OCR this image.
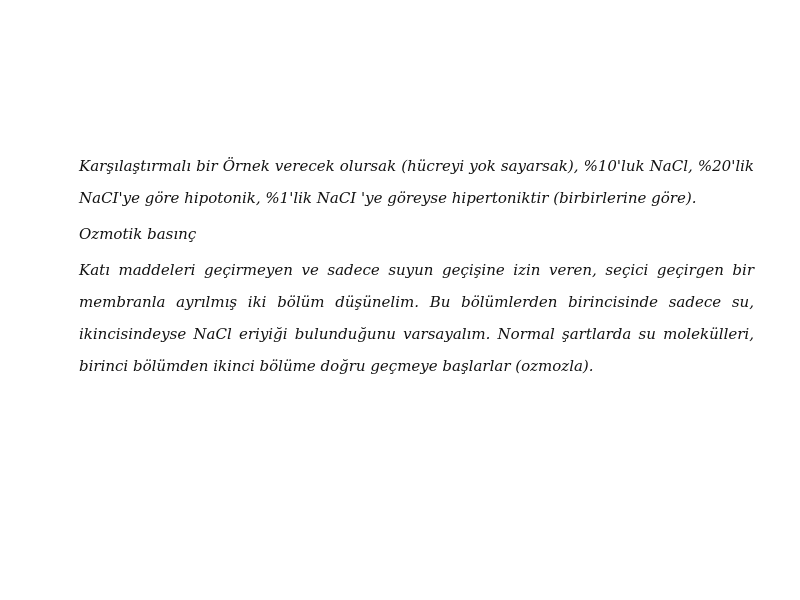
Karşılaştırmalı bir Örnek verecek olursak (hücreyi yok sayarsak), %10'luk NaCl, %20'lik NaCI'ye göre hipotonik, %1'lik NaCI 'ye göreyse hipertoniktir (birbirlerine göre).

Ozmotik basınç

Katı maddeleri geçirmeyen ve sadece suyun geçişine izin veren, seçici geçirgen bir membranla ayrılmış iki bölüm düşünelim. Bu bölümlerden birincisinde sadece su, ikincisindeyse NaCl eriyiği bulunduğunu varsayalım. Normal şartlarda su molekülleri, birinci bölümden ikinci bölüme doğru geçmeye başlarlar (ozmozla).
